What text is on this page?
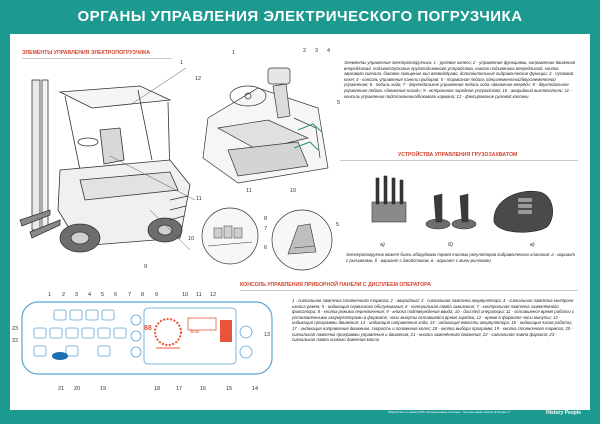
ОРГАНЫ УПРАВЛЕНИЯ ЭЛЕКТРИЧЕСКОГО ПОГРУЗЧИКА
ЭЛЕМЕНТЫ УПРАВЛЕНИЯ ЭЛЕКТРОПОГРУЗЧИКА
УСТРОЙСТВА УПРАВЛЕНИЯ ГРУЗОЗАХВАТОМ
КОНСОЛЬ УПРАВЛЕНИЯ ПРИБОРНОЙ ПАНЕЛИ С ДИСПЛЕЕМ ОПЕРАТОРА
1
11
10
9
1	2 3 4
5
12
11	10
8
7
6
5
Элементы управления электропогрузчика: 1 - рулевое колесо; 2 - управление функциями, направление движения вперед/назад, подъем/опускание грузоподъемного устройства, наклон подъемника вперед/назад, кнопка звукового сигнала, боковое смещение вил влево/вправо, дополнительные гидравлические функции; 3 - пусковой ключ; 4 - консоль управления панели приборов; 5 - тормозная педаль одноэлементной/двухэлементной управления; 6 - педаль хода; 7 - двухпедальное управление педаль хода «движение вперёд»; 8 - двухпедальное управление педаль «движение назад»; 9 - встроенное зарядное устройство; 10 - аварийный выключатель; 11 - консоль управления подстаканника/бокового кармана; 12 - фиксирование рулевой колонки
а)	б)	в)
Электропогрузчик может быть оборудован тремя типами регуляторов гидравлических клапанов: а - вариант с рычажками, б - вариант с джойстиком, в - вариант с мини-рычагами
88	88:88
1 2 3 4 5 6 7 8 9	10 11 12
23
22
13
21 20	19	18	17	16	15	14
1 - сигнальная лампочка стояночного тормоза; 2 - аварийный; 3 - сигнальная лампочка аккумулятора; 4 - сигнальная лампочка контроля износа ремня; 5 - индикация сервисного обслуживания; 6 - контрольная лампа зажигания; 7 - контрольная лампочка заземлённого фиксатора; 8 - кнопка режима переключения; 9 - кнопка подтверждения ввода; 10 - дисплей оператора; 11 - оставшееся время работы с установленными аккумуляторами в формате, часы минуты оставшейся время зарядки; 12 - время в формате часы минуты; 13 - индикация программы движения; 14 - индикация направления хода; 15 - индикация емкости аккумулятора; 16 - индикация часов работы; 17 - индикация направления движения, скорость и положения колес; 18 - кнопка выбора программ; 19 - кнопка стояночного тормоза; 20 - сигнальная лампочка программы управления и движения; 21 - кнопка заменённого движения; 22 - сигнальная лампа фаркопа; 23 - сигнальная лампа низкого давления масла
Разработано по заказу ООО «Интерактивные системы». Торговая марка «History & People» ©	History People
